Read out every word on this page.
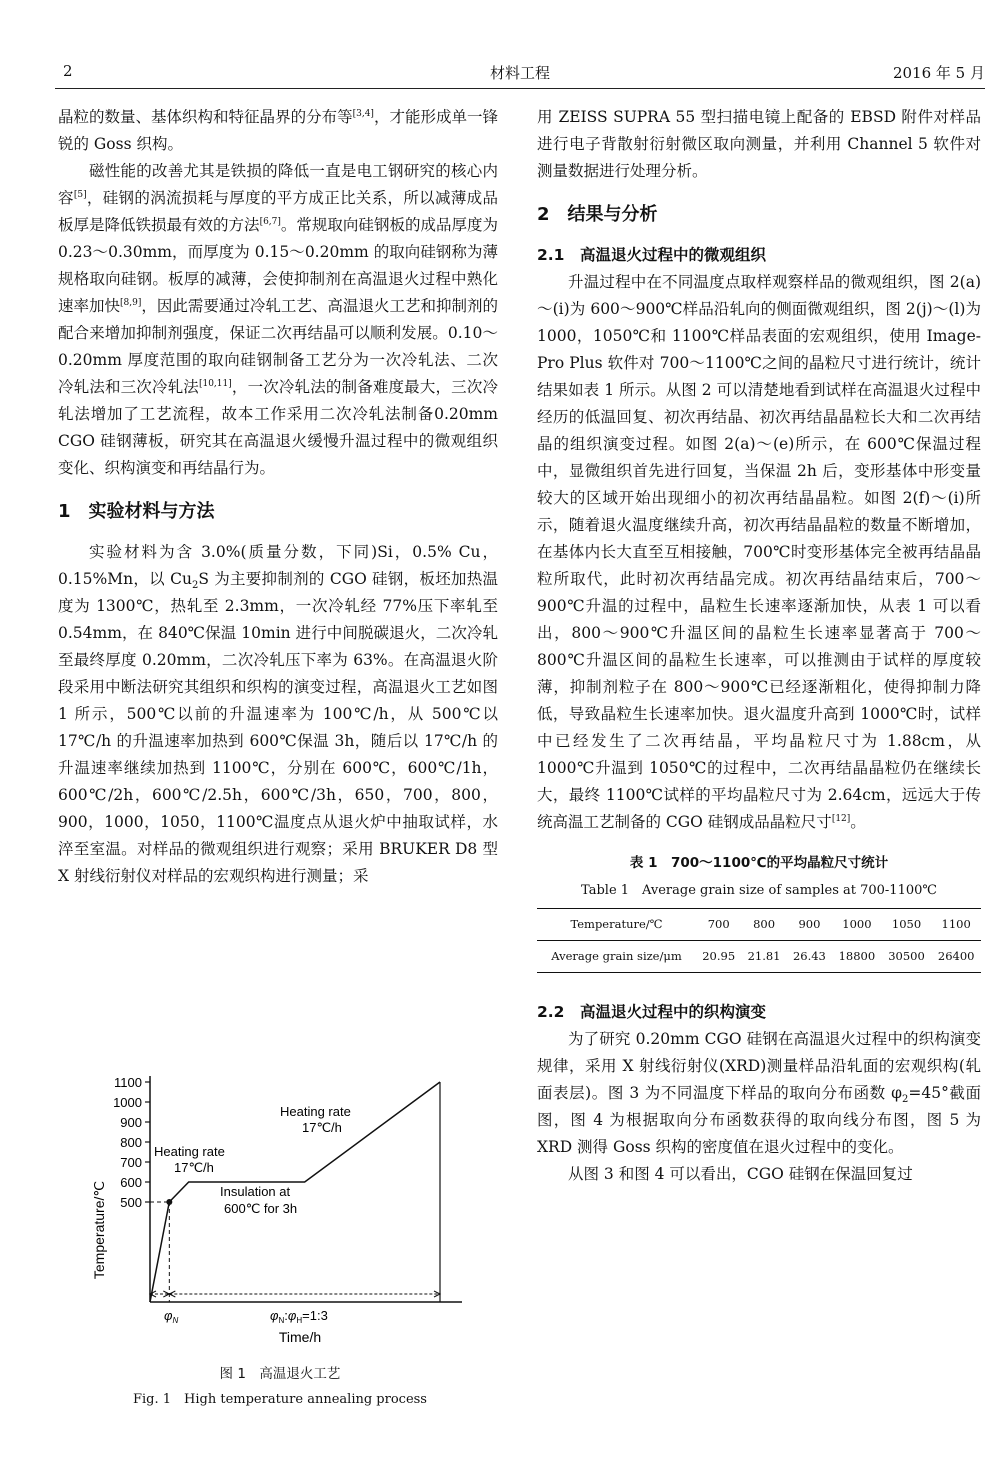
2	材料工程	2016 年 5 月

晶粒的数量、基体织构和特征晶界的分布等[3,4]，才能形成单一锋锐的 Goss 织构。

磁性能的改善尤其是铁损的降低一直是电工钢研究的核心内容[5]，硅钢的涡流损耗与厚度的平方成正比关系，所以减薄成品板厚是降低铁损最有效的方法[6,7]。常规取向硅钢板的成品厚度为 0.23～0.30mm，而厚度为 0.15～0.20mm 的取向硅钢称为薄规格取向硅钢。板厚的减薄，会使抑制剂在高温退火过程中熟化速率加快[8,9]，因此需要通过冷轧工艺、高温退火工艺和抑制剂的配合来增加抑制剂强度，保证二次再结晶可以顺利发展。0.10～0.20mm 厚度范围的取向硅钢制备工艺分为一次冷轧法、二次冷轧法和三次冷轧法[10,11]，一次冷轧法的制备难度最大，三次冷轧法增加了工艺流程，故本工作采用二次冷轧法制备0.20mm CGO 硅钢薄板，研究其在高温退火缓慢升温过程中的微观组织变化、织构演变和再结晶行为。

1　实验材料与方法

实验材料为含 3.0%(质量分数，下同)Si，0.5% Cu，0.15%Mn，以 $Cu_2S$ 为主要抑制剂的 CGO 硅钢，板坯加热温度为 1300℃，热轧至 2.3mm，一次冷轧经 77%压下率轧至 0.54mm，在 840℃保温 10min 进行中间脱碳退火，二次冷轧至最终厚度 0.20mm，二次冷轧压下率为 63%。在高温退火阶段采用中断法研究其组织和织构的演变过程，高温退火工艺如图 1 所示，500℃以前的升温速率为 100℃/h，从 500℃以 17℃/h 的升温速率加热到 600℃保温 3h，随后以 17℃/h 的升温速率继续加热到 1100℃，分别在 600℃，600℃/1h，600℃/2h，600℃/2.5h，600℃/3h，650，700，800，900，1000，1050，1100℃温度点从退火炉中抽取试样，水淬至室温。对样品的微观组织进行观察；采用 BRUKER D8 型 X 射线衍射仪对样品的宏观织构进行测量；采

Temperature/℃ 500
600
700
800
900
1000
1100
Heating rate
17℃/h
Heating rate
17℃/h
Insulation at
600℃ for 3h
$\varphi_N$	$\varphi_N:\varphi_H=1:3$
Time/h
图 1　高温退火工艺
Fig. 1　High temperature annealing process

用 ZEISS SUPRA 55 型扫描电镜上配备的 EBSD 附件对样品进行电子背散射衍射微区取向测量，并利用 Channel 5 软件对测量数据进行处理分析。

2　结果与分析
2.1　高温退火过程中的微观组织

升温过程中在不同温度点取样观察样品的微观组织，图 2(a)～(i)为 600～900℃样品沿轧向的侧面微观组织，图 2(j)～(l)为 1000，1050℃和 1100℃样品表面的宏观组织，使用 Image-Pro Plus 软件对 700～1100℃之间的晶粒尺寸进行统计，统计结果如表 1 所示。从图 2 可以清楚地看到试样在高温退火过程中经历的低温回复、初次再结晶、初次再结晶晶粒长大和二次再结晶的组织演变过程。如图 2(a)～(e)所示，在 600℃保温过程中，显微组织首先进行回复，当保温 2h 后，变形基体中形变量较大的区域开始出现细小的初次再结晶晶粒。如图 2(f)～(i)所示，随着退火温度继续升高，初次再结晶晶粒的数量不断增加，在基体内长大直至互相接触，700℃时变形基体完全被再结晶晶粒所取代，此时初次再结晶完成。初次再结晶结束后，700～900℃升温的过程中，晶粒生长速率逐渐加快，从表 1 可以看出，800～900℃升温区间的晶粒生长速率显著高于 700～800℃升温区间的晶粒生长速率，可以推测由于试样的厚度较薄，抑制剂粒子在 800～900℃已经逐渐粗化，使得抑制力降低，导致晶粒生长速率加快。退火温度升高到 1000℃时，试样中已经发生了二次再结晶，平均晶粒尺寸为 1.88cm，从 1000℃升温到 1050℃的过程中，二次再结晶晶粒仍在继续长大，最终 1100℃试样的平均晶粒尺寸为 2.64cm，远远大于传统高温工艺制备的 CGO 硅钢成品晶粒尺寸[12]。

表 1　700～1100℃的平均晶粒尺寸统计
Table 1　Average grain size of samples at 700-1100℃
Temperature/℃	700	800	900	1000	1050	1100
Average grain size/μm	20.95	21.81	26.43	18800	30500	26400
2.2　高温退火过程中的织构演变

为了研究 0.20mm CGO 硅钢在高温退火过程中的织构演变规律，采用 X 射线衍射仪(XRD)测量样品沿轧面的宏观织构(轧面表层)。图 3 为不同温度下样品的取向分布函数 $\varphi_2=45^\circ$截面图，图 4 为根据取向分布函数获得的取向线分布图，图 5 为 XRD 测得 Goss 织构的密度值在退火过程中的变化。

从图 3 和图 4 可以看出，CGO 硅钢在保温回复过
